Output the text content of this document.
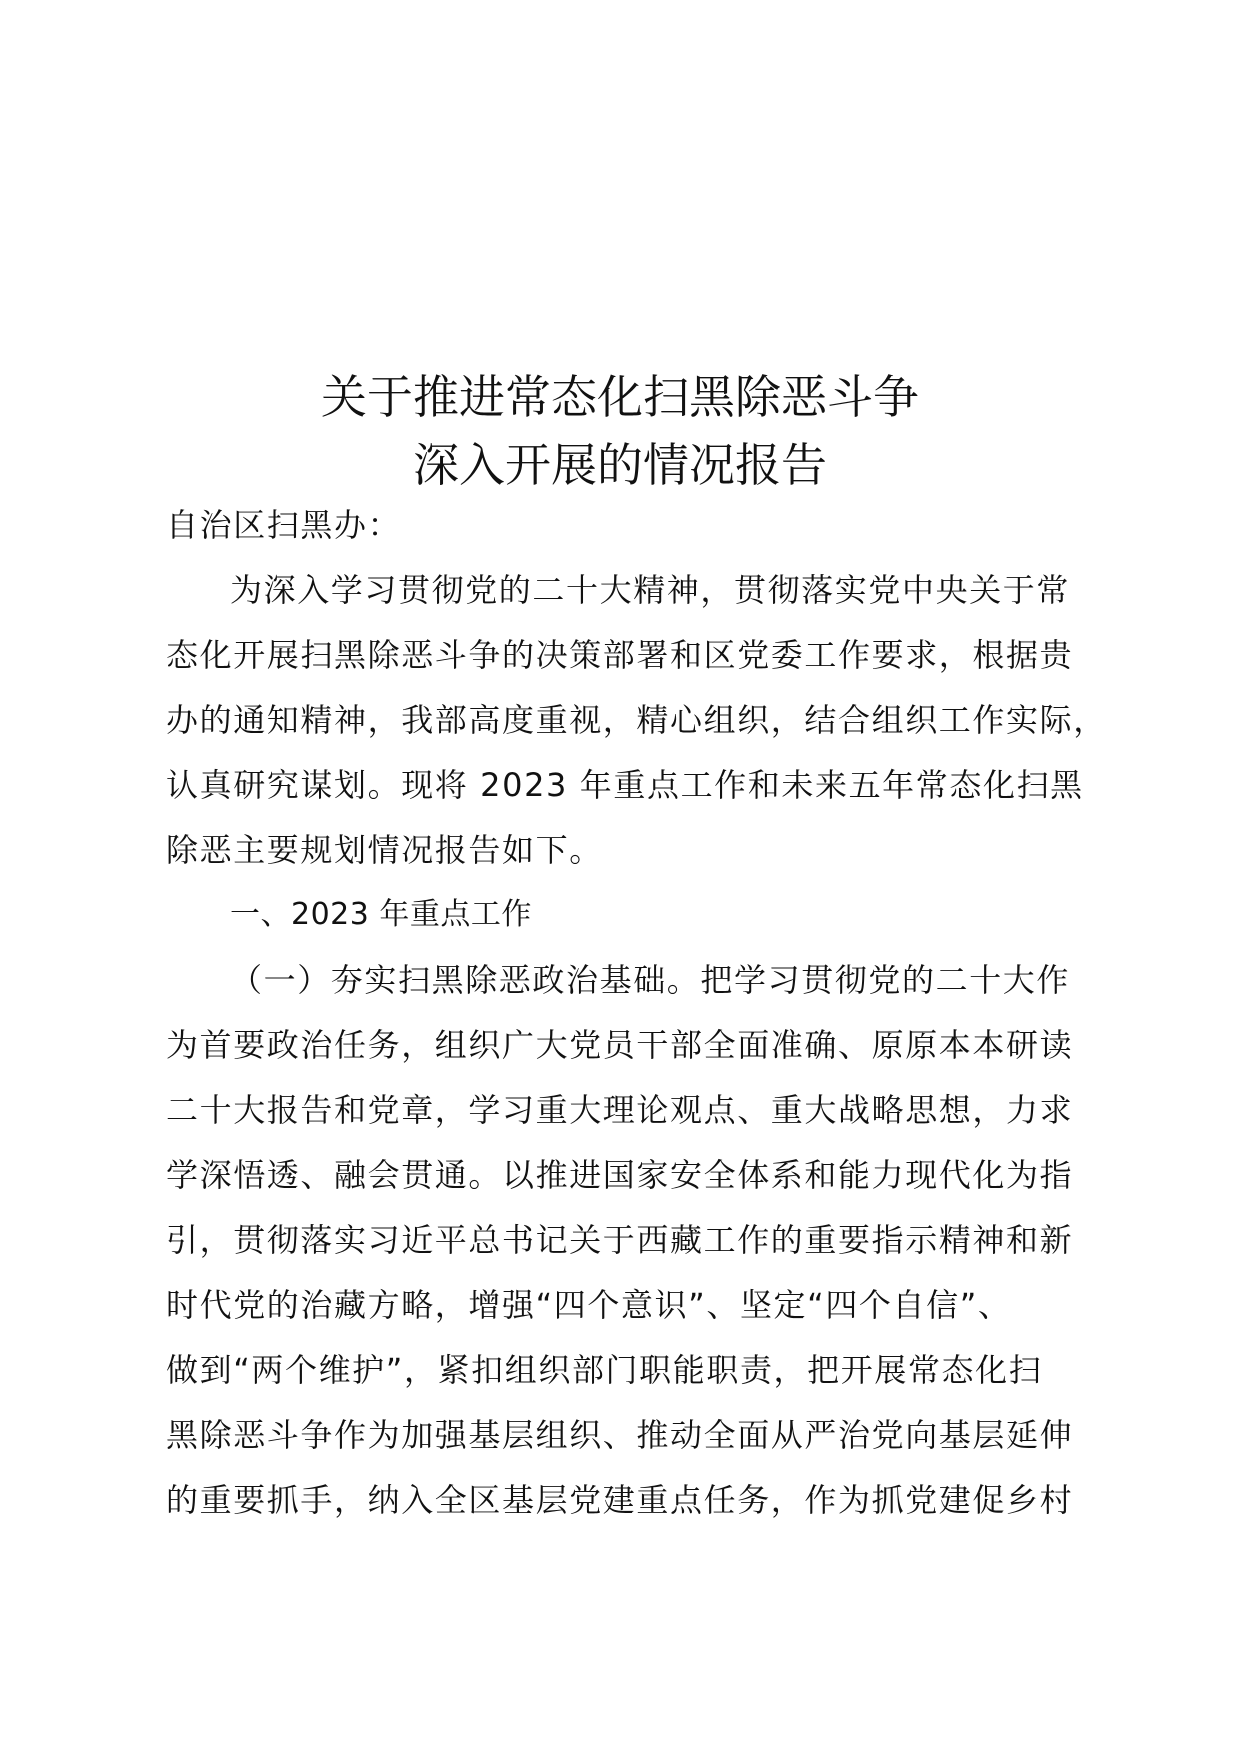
关于推进常态化扫黑除恶斗争
深入开展的情况报告
自治区扫黑办：
为深入学习贯彻党的二十大精神，贯彻落实党中央关于常
态化开展扫黑除恶斗争的决策部署和区党委工作要求，根据贵
办的通知精神，我部高度重视，精心组织，结合组织工作实际，
认真研究谋划。现将 2023 年重点工作和未来五年常态化扫黑
除恶主要规划情况报告如下。
一、2023 年重点工作
（一）夯实扫黑除恶政治基础。把学习贯彻党的二十大作
为首要政治任务，组织广大党员干部全面准确、原原本本研读
二十大报告和党章，学习重大理论观点、重大战略思想，力求
学深悟透、融会贯通。以推进国家安全体系和能力现代化为指
引，贯彻落实习近平总书记关于西藏工作的重要指示精神和新
时代党的治藏方略，增强“四个意识”、坚定“四个自信”、
做到“两个维护”，紧扣组织部门职能职责，把开展常态化扫
黑除恶斗争作为加强基层组织、推动全面从严治党向基层延伸
的重要抓手，纳入全区基层党建重点任务，作为抓党建促乡村
